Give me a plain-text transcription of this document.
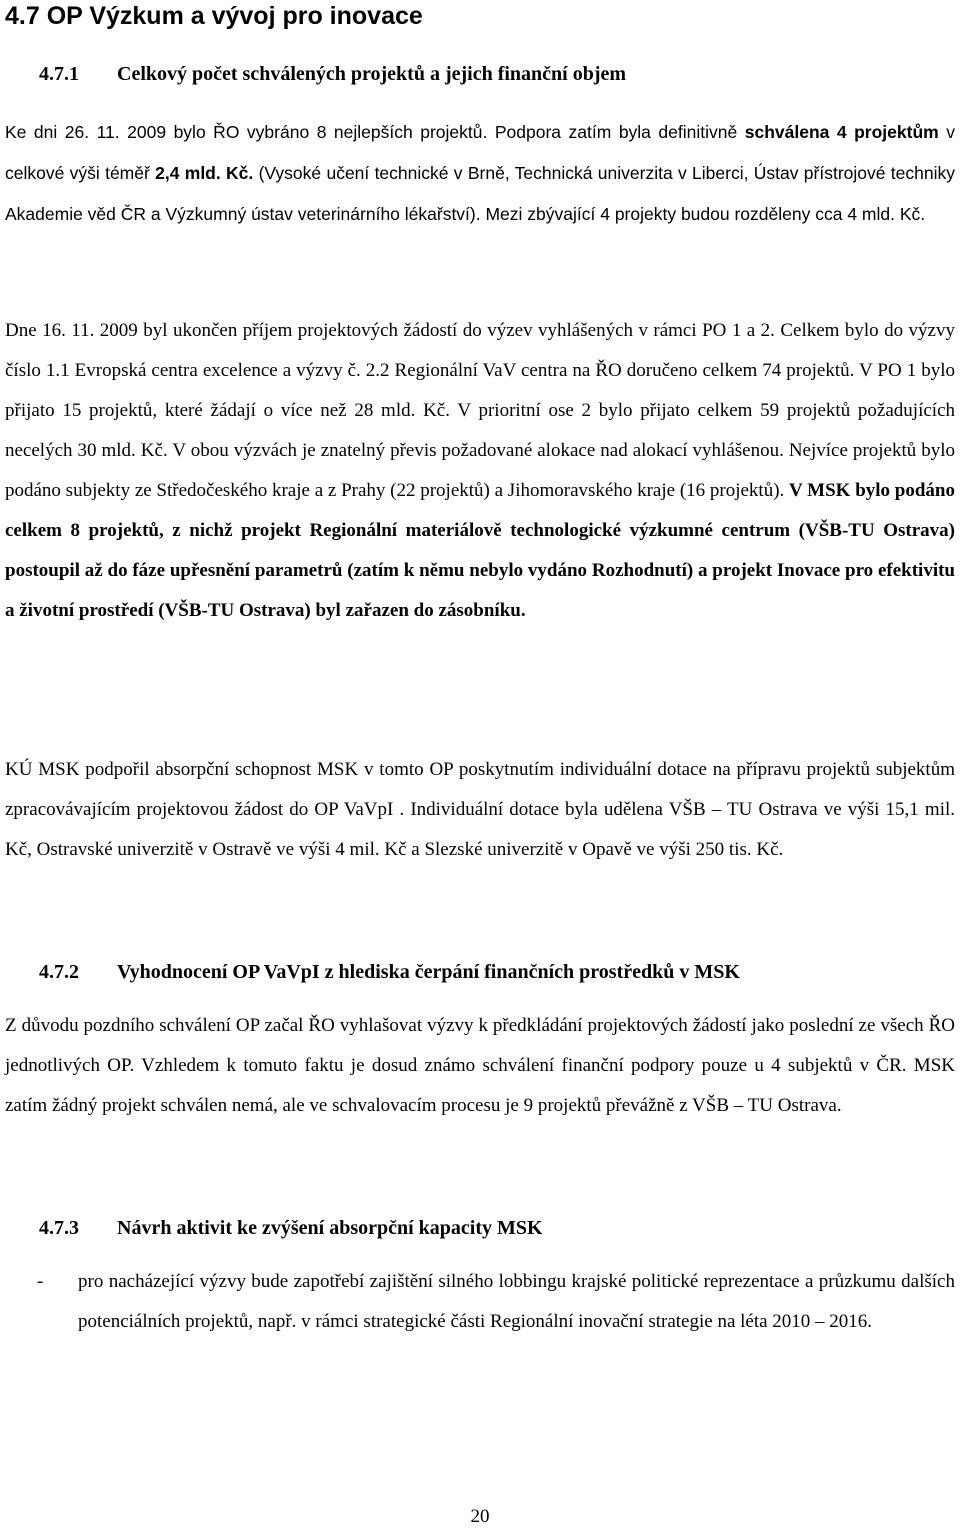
4.7 OP Výzkum a vývoj pro inovace
4.7.1 Celkový počet schválených projektů a jejich finanční objem

Ke dni 26. 11. 2009 bylo ŘO vybráno 8 nejlepších projektů. Podpora zatím byla definitivně schválena 4 projektům v celkové výši téměř 2,4 mld. Kč. (Vysoké učení technické v Brně, Technická univerzita v Liberci, Ústav přístrojové techniky Akademie věd ČR a Výzkumný ústav veterinárního lékařství). Mezi zbývající 4 projekty budou rozděleny cca 4 mld. Kč.

Dne 16. 11. 2009 byl ukončen příjem projektových žádostí do výzev vyhlášených v rámci PO 1 a 2. Celkem bylo do výzvy číslo 1.1 Evropská centra excelence a výzvy č. 2.2 Regionální VaV centra na ŘO doručeno celkem 74 projektů. V PO 1 bylo přijato 15 projektů, které žádají o více než 28 mld. Kč. V prioritní ose 2 bylo přijato celkem 59 projektů požadujících necelých 30 mld. Kč. V obou výzvách je znatelný převis požadované alokace nad alokací vyhlášenou. Nejvíce projektů bylo podáno subjekty ze Středočeského kraje a z Prahy (22 projektů) a Jihomoravského kraje (16 projektů). V MSK bylo podáno celkem 8 projektů, z nichž projekt Regionální materiálově technologické výzkumné centrum (VŠB-TU Ostrava) postoupil až do fáze upřesnění parametrů (zatím k němu nebylo vydáno Rozhodnutí) a projekt Inovace pro efektivitu a životní prostředí (VŠB-TU Ostrava) byl zařazen do zásobníku.

KÚ MSK podpořil absorpční schopnost MSK v tomto OP poskytnutím individuální dotace na přípravu projektů subjektům zpracovávajícím projektovou žádost do OP VaVpI . Individuální dotace byla udělena VŠB – TU Ostrava ve výši 15,1 mil. Kč, Ostravské univerzitě v Ostravě ve výši 4 mil. Kč a Slezské univerzitě v Opavě ve výši 250 tis. Kč.

4.7.2 Vyhodnocení OP VaVpI z hlediska čerpání finančních prostředků v MSK

Z důvodu pozdního schválení OP začal ŘO vyhlašovat výzvy k předkládání projektových žádostí jako poslední ze všech ŘO jednotlivých OP. Vzhledem k tomuto faktu je dosud známo schválení finanční podpory pouze u 4 subjektů v ČR. MSK zatím žádný projekt schválen nemá, ale ve schvalovacím procesu je 9 projektů převážně z VŠB – TU Ostrava.

4.7.3 Návrh aktivit ke zvýšení absorpční kapacity MSK
- pro nacházející výzvy bude zapotřebí zajištění silného lobbingu krajské politické reprezentace a průzkumu dalších potenciálních projektů, např. v rámci strategické části Regionální inovační strategie na léta 2010 – 2016.
20
